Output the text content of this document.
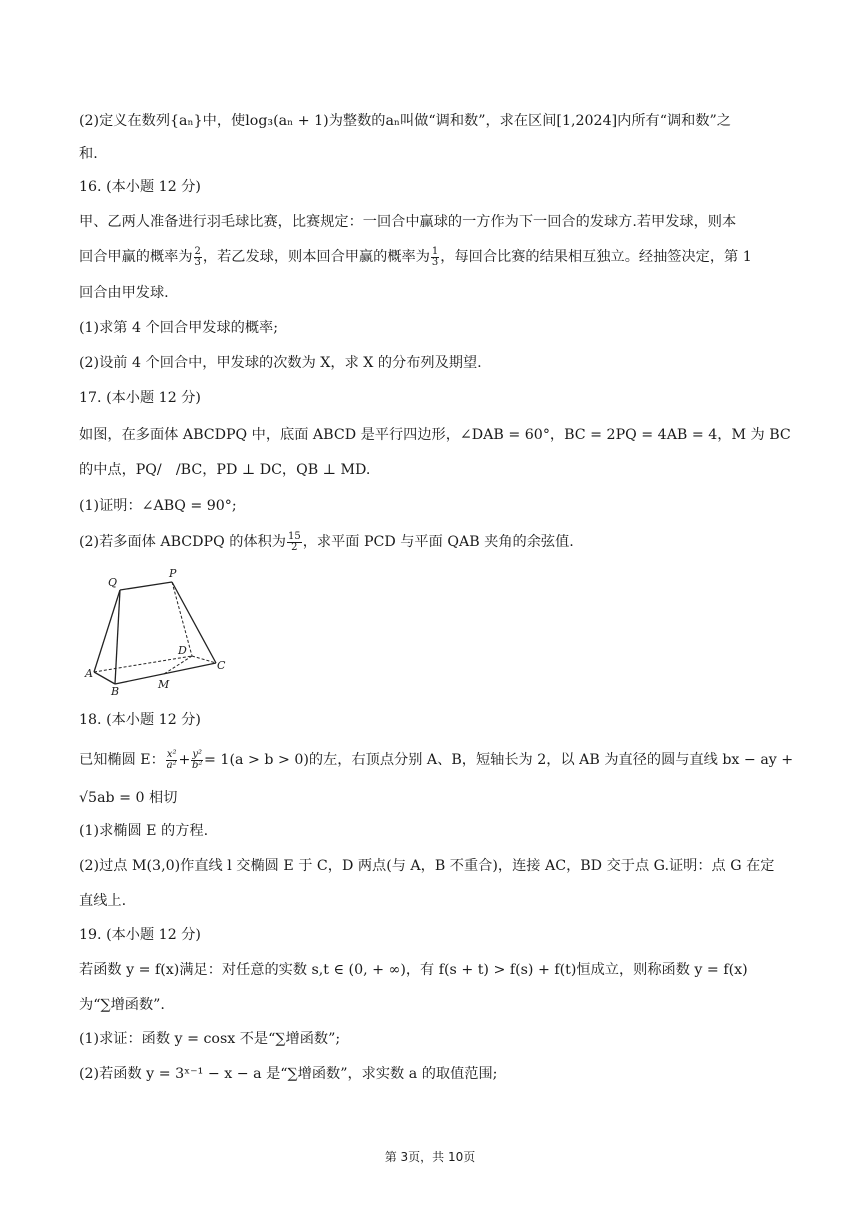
(2)定义在数列{aₙ}中，使log₃(aₙ + 1)为整数的aₙ叫做“调和数”，求在区间[1,2024]内所有“调和数”之
和.
16. (本小题 12 分)
甲、乙两人准备进行羽毛球比赛，比赛规定：一回合中赢球的一方作为下一回合的发球方.若甲发球，则本
回合甲赢的概率为 $\frac{2}{3}$ ，若乙发球，则本回合甲赢的概率为 $\frac{1}{3}$ ，每回合比赛的结果相互独立。经抽签决定，第 1
回合由甲发球.
(1)求第 4 个回合甲发球的概率;
(2)设前 4 个回合中，甲发球的次数为 X，求 X 的分布列及期望.
17. (本小题 12 分)
如图，在多面体 ABCDPQ 中，底面 ABCD 是平行四边形，∠DAB = 60°，BC = 2PQ = 4AB = 4，M 为 BC
的中点，PQ/　/BC，PD ⊥ DC，QB ⊥ MD.
(1)证明：∠ABQ = 90°;
(2)若多面体 ABCDPQ 的体积为 $\frac{15}{2}$ ，求平面 PCD 与平面 QAB 夹角的余弦值.
Q
P
D
C
A
B
M
18. (本小题 12 分)
已知椭圆 E： $\frac{\text{x²}}{\text{a²}} + \frac{\text{y²}}{\text{b²}} = 1(a > b > 0)$的左，右顶点分别 A、B，短轴长为 2，以 AB 为直径的圆与直线 bx − ay +
√5ab = 0 相切
(1)求椭圆 E 的方程.
(2)过点 M(3,0)作直线 l 交椭圆 E 于 C，D 两点(与 A，B 不重合)，连接 AC，BD 交于点 G.证明：点 G 在定
直线上.
19. (本小题 12 分)
若函数 y = f(x)满足：对任意的实数 s,t ∈ (0, + ∞)，有 f(s + t) > f(s) + f(t)恒成立，则称函数 y = f(x)
为“∑增函数”.
(1)求证：函数 y = cosx 不是“∑增函数”;
(2)若函数 y = 3ˣ⁻¹ − x − a 是“∑增函数”，求实数 a 的取值范围;
第 3页，共 10页
